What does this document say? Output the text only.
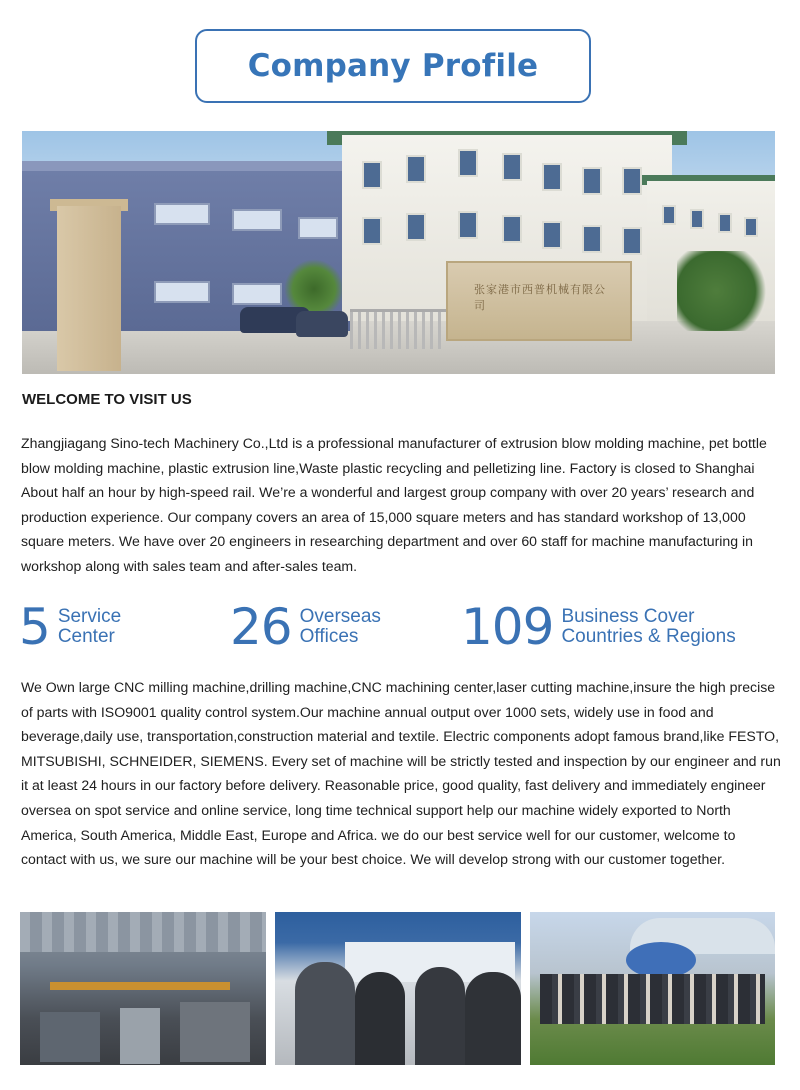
Company Profile
张家港市西普机械有限公司
WELCOME TO VISIT US

Zhangjiagang Sino-tech Machinery Co.,Ltd is a professional manufacturer of extrusion blow molding machine, pet bottle blow molding machine, plastic extrusion line,Waste plastic recycling and pelletizing line. Factory is closed to Shanghai About half an hour by high-speed rail. We’re a wonderful and largest group company with over 20 years’ research and production experience. Our company covers an area of 15,000 square meters and has standard workshop of 13,000 square meters. We have over 20 engineers in researching department and over 60 staff for machine manufacturing in workshop along with sales team and after-sales team.

5 Service
Center 26 Overseas
Offices	109 Business Cover
Countries & Regions

We Own large CNC milling machine,drilling machine,CNC machining center,laser cutting machine,insure the high precise of parts with ISO9001 quality control system.Our machine annual output over 1000 sets, widely use in food and beverage,daily use, transportation,construction material and textile. Electric components adopt famous brand,like FESTO, MITSUBISHI, SCHNEIDER, SIEMENS. Every set of machine will be strictly tested and inspection by our engineer and run it at least 24 hours in our factory before delivery. Reasonable price, good quality, fast delivery and immediately engineer oversea on spot service and online service, long time technical support help our machine widely exported to North America, South America, Middle East, Europe and Africa. we do our best service well for our customer, welcome to contact with us, we sure our machine will be your best choice. We will develop strong with our customer together.
